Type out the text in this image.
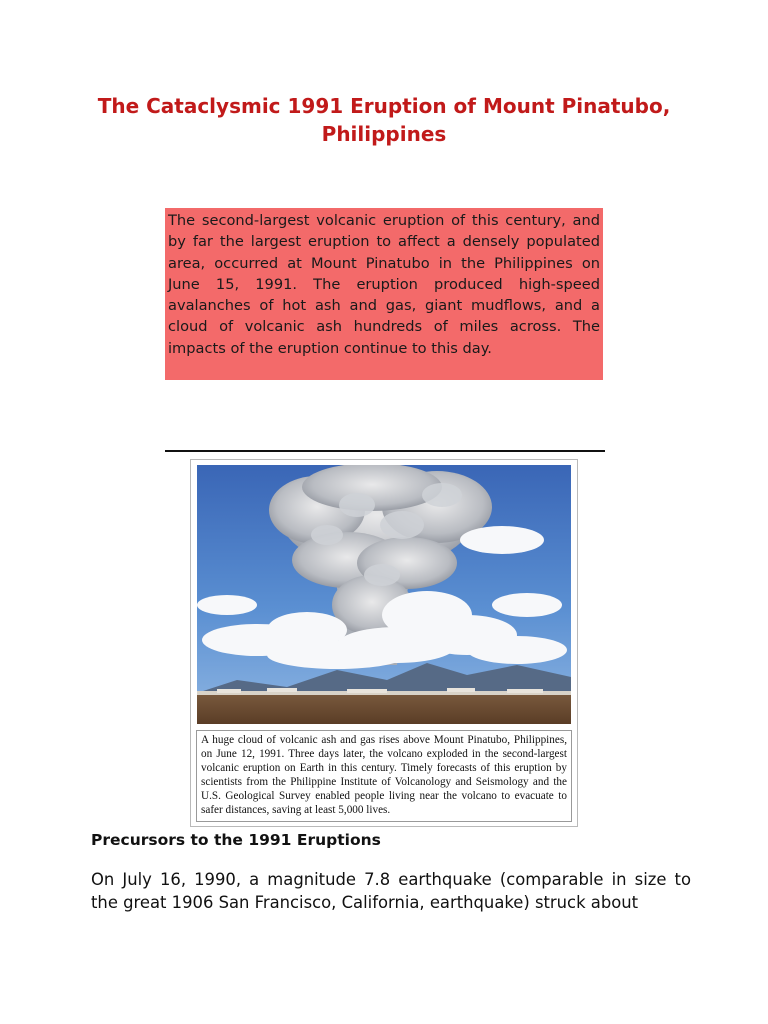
The Cataclysmic 1991 Eruption of Mount Pinatubo, Philippines

The second-largest volcanic eruption of this century, and by far the largest eruption to affect a densely populated area, occurred at Mount Pinatubo in the Philippines on June 15, 1991. The eruption produced high-speed avalanches of hot ash and gas, giant mudflows, and a cloud of volcanic ash hundreds of miles across. The impacts of the eruption continue to this day.

A huge cloud of volcanic ash and gas rises above Mount Pinatubo, Philippines, on June 12, 1991. Three days later, the volcano exploded in the second-largest volcanic eruption on Earth in this century. Timely forecasts of this eruption by scientists from the Philippine Institute of Volcanology and Seismology and the U.S. Geological Survey enabled people living near the volcano to evacuate to safer distances, saving at least 5,000 lives.
Precursors to the 1991 Eruptions

On July 16, 1990, a magnitude 7.8 earthquake (comparable in size to the great 1906 San Francisco, California, earthquake) struck about
